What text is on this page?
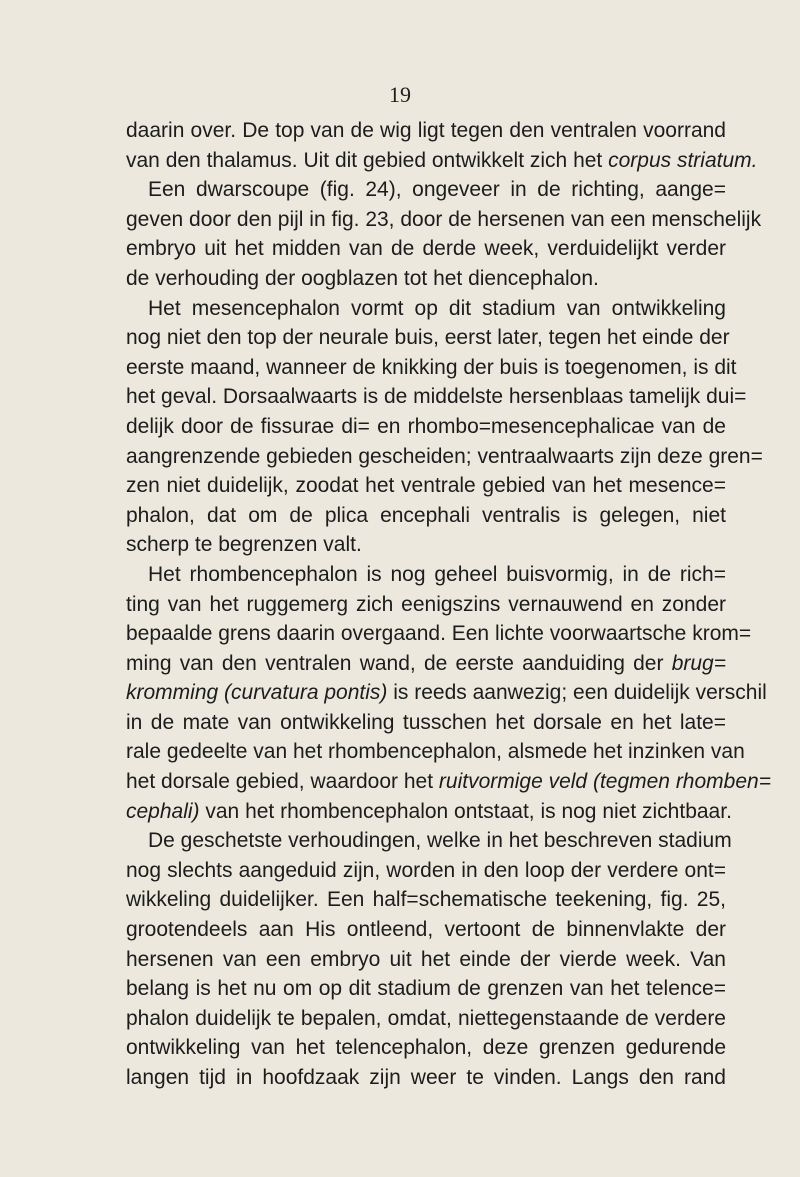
19
daarin over. De top van de wig ligt tegen den ventralen voorrand
van den thalamus. Uit dit gebied ontwikkelt zich het corpus striatum.
Een dwarscoupe (fig. 24), ongeveer in de richting, aange=
geven door den pijl in fig. 23, door de hersenen van een menschelijk
embryo uit het midden van de derde week, verduidelijkt verder
de verhouding der oogblazen tot het diencephalon.
Het mesencephalon vormt op dit stadium van ontwikkeling
nog niet den top der neurale buis, eerst later, tegen het einde der
eerste maand, wanneer de knikking der buis is toegenomen, is dit
het geval. Dorsaalwaarts is de middelste hersenblaas tamelijk dui=
delijk door de fissurae di= en rhombo=mesencephalicae van de
aangrenzende gebieden gescheiden; ventraalwaarts zijn deze gren=
zen niet duidelijk, zoodat het ventrale gebied van het mesence=
phalon, dat om de plica encephali ventralis is gelegen, niet
scherp te begrenzen valt.
Het rhombencephalon is nog geheel buisvormig, in de rich=
ting van het ruggemerg zich eenigszins vernauwend en zonder
bepaalde grens daarin overgaand. Een lichte voorwaartsche krom=
ming van den ventralen wand, de eerste aanduiding der brug=
kromming (curvatura pontis) is reeds aanwezig; een duidelijk verschil
in de mate van ontwikkeling tusschen het dorsale en het late=
rale gedeelte van het rhombencephalon, alsmede het inzinken van
het dorsale gebied, waardoor het ruitvormige veld (tegmen rhomben=
cephali) van het rhombencephalon ontstaat, is nog niet zichtbaar.
De geschetste verhoudingen, welke in het beschreven stadium
nog slechts aangeduid zijn, worden in den loop der verdere ont=
wikkeling duidelijker. Een half=schematische teekening, fig. 25,
grootendeels aan His ontleend, vertoont de binnenvlakte der
hersenen van een embryo uit het einde der vierde week. Van
belang is het nu om op dit stadium de grenzen van het telence=
phalon duidelijk te bepalen, omdat, niettegenstaande de verdere
ontwikkeling van het telencephalon, deze grenzen gedurende
langen tijd in hoofdzaak zijn weer te vinden. Langs den rand
